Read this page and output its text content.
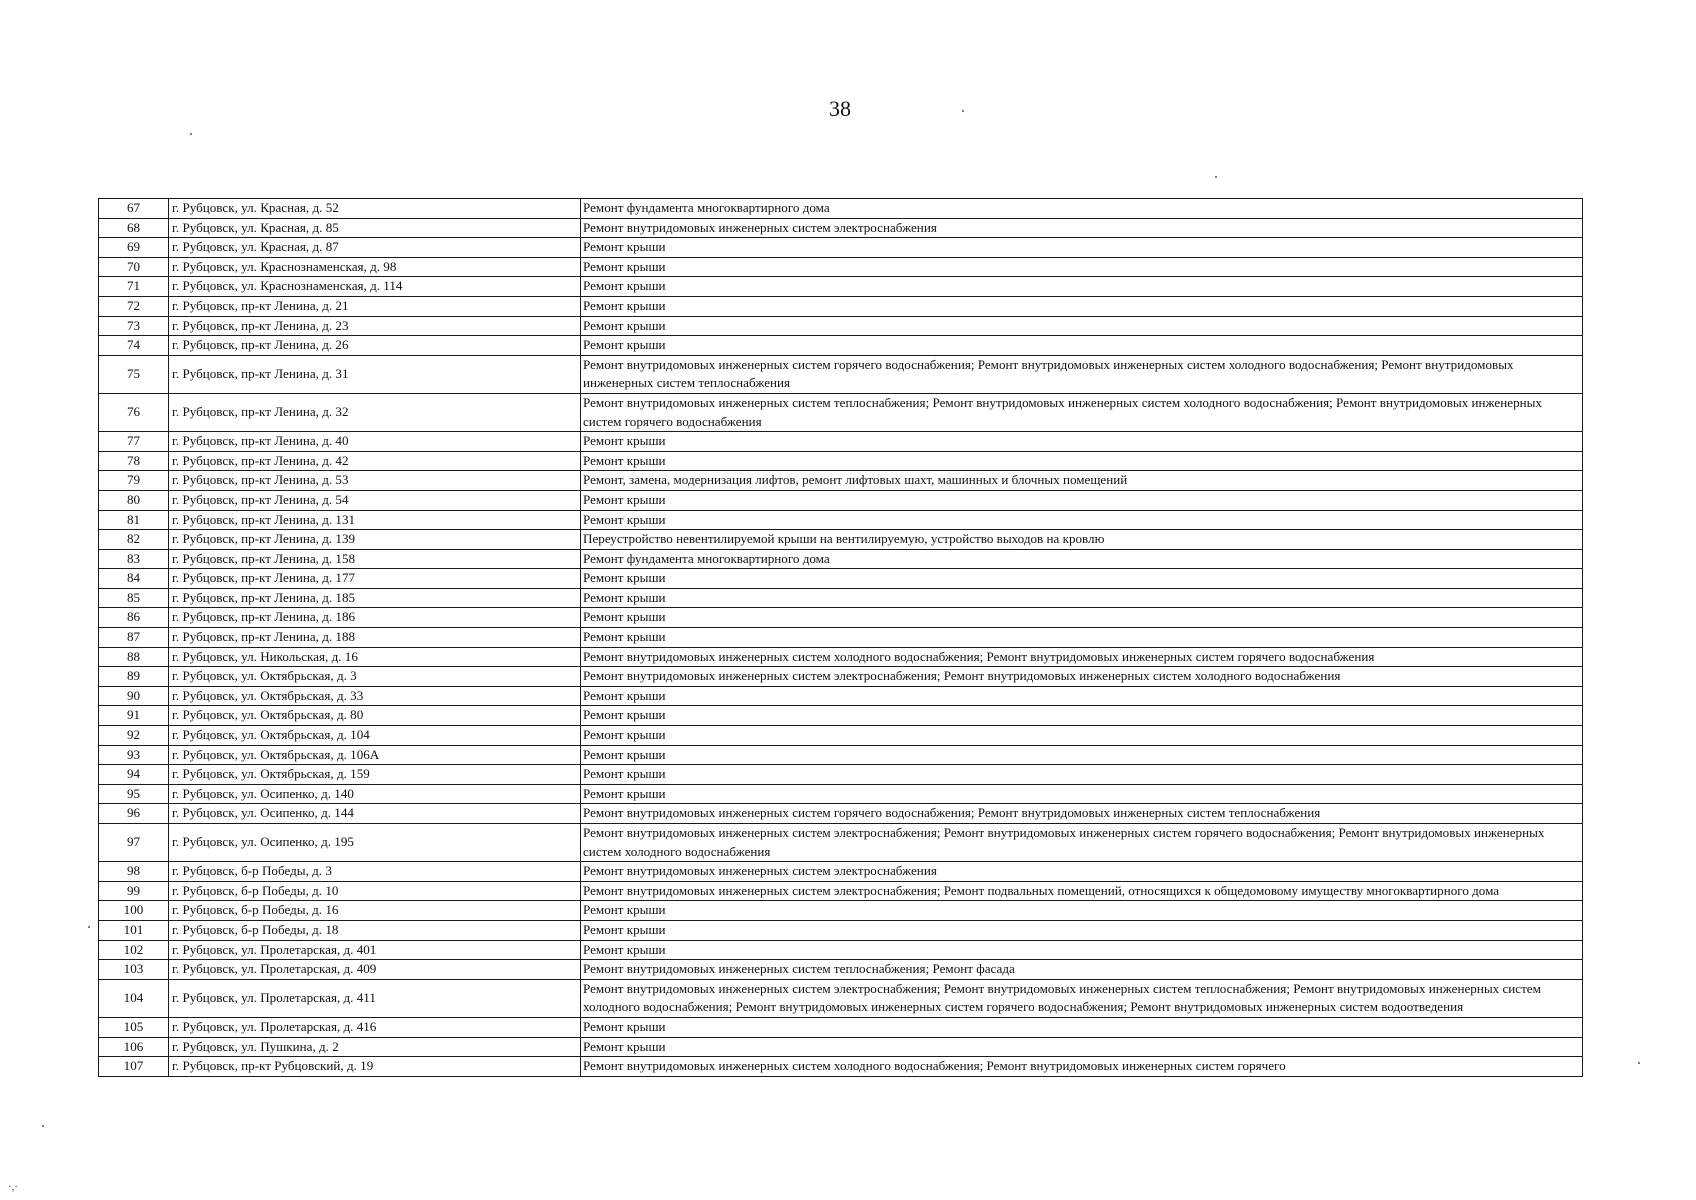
38
67	г. Рубцовск, ул. Красная, д. 52	Ремонт фундамента многоквартирного дома
68	г. Рубцовск, ул. Красная, д. 85	Ремонт внутридомовых инженерных систем электроснабжения
69	г. Рубцовск, ул. Красная, д. 87	Ремонт крыши
70	г. Рубцовск, ул. Краснознаменская, д. 98	Ремонт крыши
71	г. Рубцовск, ул. Краснознаменская, д. 114	Ремонт крыши
72	г. Рубцовск, пр-кт Ленина, д. 21	Ремонт крыши
73	г. Рубцовск, пр-кт Ленина, д. 23	Ремонт крыши
74	г. Рубцовск, пр-кт Ленина, д. 26	Ремонт крыши
75	г. Рубцовск, пр-кт Ленина, д. 31	Ремонт внутридомовых инженерных систем горячего водоснабжения; Ремонт внутридомовых инженерных систем холодного водоснабжения; Ремонт внутридомовых инженерных систем теплоснабжения
76	г. Рубцовск, пр-кт Ленина, д. 32	Ремонт внутридомовых инженерных систем теплоснабжения; Ремонт внутридомовых инженерных систем холодного водоснабжения; Ремонт внутридомовых инженерных систем горячего водоснабжения
77	г. Рубцовск, пр-кт Ленина, д. 40	Ремонт крыши
78	г. Рубцовск, пр-кт Ленина, д. 42	Ремонт крыши
79	г. Рубцовск, пр-кт Ленина, д. 53	Ремонт, замена, модернизация лифтов, ремонт лифтовых шахт, машинных и блочных помещений
80	г. Рубцовск, пр-кт Ленина, д. 54	Ремонт крыши
81	г. Рубцовск, пр-кт Ленина, д. 131	Ремонт крыши
82	г. Рубцовск, пр-кт Ленина, д. 139	Переустройство невентилируемой крыши на вентилируемую, устройство выходов на кровлю
83	г. Рубцовск, пр-кт Ленина, д. 158	Ремонт фундамента многоквартирного дома
84	г. Рубцовск, пр-кт Ленина, д. 177	Ремонт крыши
85	г. Рубцовск, пр-кт Ленина, д. 185	Ремонт крыши
86	г. Рубцовск, пр-кт Ленина, д. 186	Ремонт крыши
87	г. Рубцовск, пр-кт Ленина, д. 188	Ремонт крыши
88	г. Рубцовск, ул. Никольская, д. 16	Ремонт внутридомовых инженерных систем холодного водоснабжения; Ремонт внутридомовых инженерных систем горячего водоснабжения
89	г. Рубцовск, ул. Октябрьская, д. 3	Ремонт внутридомовых инженерных систем электроснабжения; Ремонт внутридомовых инженерных систем холодного водоснабжения
90	г. Рубцовск, ул. Октябрьская, д. 33	Ремонт крыши
91	г. Рубцовск, ул. Октябрьская, д. 80	Ремонт крыши
92	г. Рубцовск, ул. Октябрьская, д. 104	Ремонт крыши
93	г. Рубцовск, ул. Октябрьская, д. 106А	Ремонт крыши
94	г. Рубцовск, ул. Октябрьская, д. 159	Ремонт крыши
95	г. Рубцовск, ул. Осипенко, д. 140	Ремонт крыши
96	г. Рубцовск, ул. Осипенко, д. 144	Ремонт внутридомовых инженерных систем горячего водоснабжения; Ремонт внутридомовых инженерных систем теплоснабжения
97	г. Рубцовск, ул. Осипенко, д. 195	Ремонт внутридомовых инженерных систем электроснабжения; Ремонт внутридомовых инженерных систем горячего водоснабжения; Ремонт внутридомовых инженерных систем холодного водоснабжения
98	г. Рубцовск, б-р Победы, д. 3	Ремонт внутридомовых инженерных систем электроснабжения
99	г. Рубцовск, б-р Победы, д. 10	Ремонт внутридомовых инженерных систем электроснабжения; Ремонт подвальных помещений, относящихся к общедомовому имуществу многоквартирного дома
100	г. Рубцовск, б-р Победы, д. 16	Ремонт крыши
101	г. Рубцовск, б-р Победы, д. 18	Ремонт крыши
102	г. Рубцовск, ул. Пролетарская, д. 401	Ремонт крыши
103	г. Рубцовск, ул. Пролетарская, д. 409	Ремонт внутридомовых инженерных систем теплоснабжения; Ремонт фасада
104	г. Рубцовск, ул. Пролетарская, д. 411	Ремонт внутридомовых инженерных систем электроснабжения; Ремонт внутридомовых инженерных систем теплоснабжения; Ремонт внутридомовых инженерных систем холодного водоснабжения; Ремонт внутридомовых инженерных систем горячего водоснабжения; Ремонт внутридомовых инженерных систем водоотведения
105	г. Рубцовск, ул. Пролетарская, д. 416	Ремонт крыши
106	г. Рубцовск, ул. Пушкина, д. 2	Ремонт крыши
107	г. Рубцовск, пр-кт Рубцовский, д. 19	Ремонт внутридомовых инженерных систем холодного водоснабжения; Ремонт внутридомовых инженерных систем горячего
·,·
